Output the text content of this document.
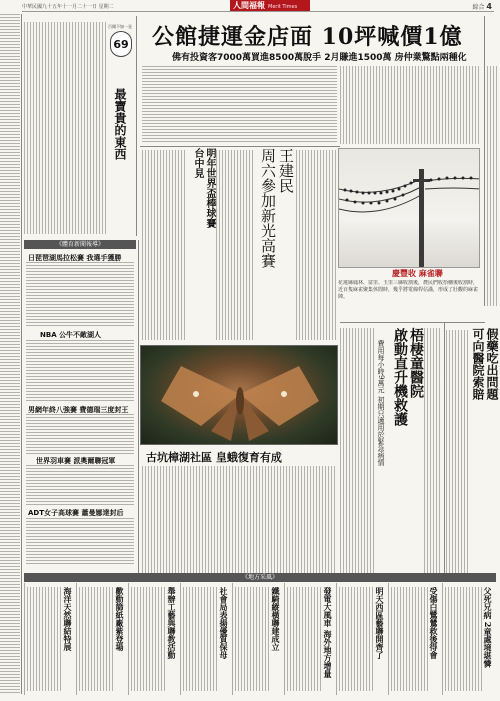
中華民國九十五年十一月二十一日 星期二	人間福報 Merit Times	綜合 4
百聞不如一見
69
最寶貴的東西
公館捷運金店面 10坪喊價1億
佛有投資客7000萬買進8500萬脫手 2月賺進1500萬 房仲業驚點兩種化
周六參加新光高賽 王建民
台中見 明年世界盃棒球賽
慶豐收 麻雀聯
花蓮縣鳳林、富里、玉里三縣收割後，農民們收拾穗後收割時，近百隻麻雀聚集休閒時，幾乎將電線桿佔滿，形成了壯觀的麻雀陣。
梧棲童醫院
啟動直升機救護
費用每小時9萬元 初期只適用於緊急病情	假藥吃出問題
可向醫院索賠
《體育新聞報導》
日琵琶湖馬拉松賽 我選手獲勝
NBA 公牛不敵湖人
男網年終八強賽 費德瑞三度封王
世界羽車賽 派奧爾聯冠軍
ADT女子高球賽 蕭曼娜達封后
古坑樟湖社區 皇蛾復育有成
《地方采風》
海洋天然聯結特展	歡動篩紙廠紫登場	舉辦工藝與聯教活動	社會局表揚優質保母	鐵騎縱橫聯建成立	發電大風車 海外地方增量	明天西區藝聯開齊了	受傷白鷺鷥救後得會	父死兄病 2童處境堪憐
